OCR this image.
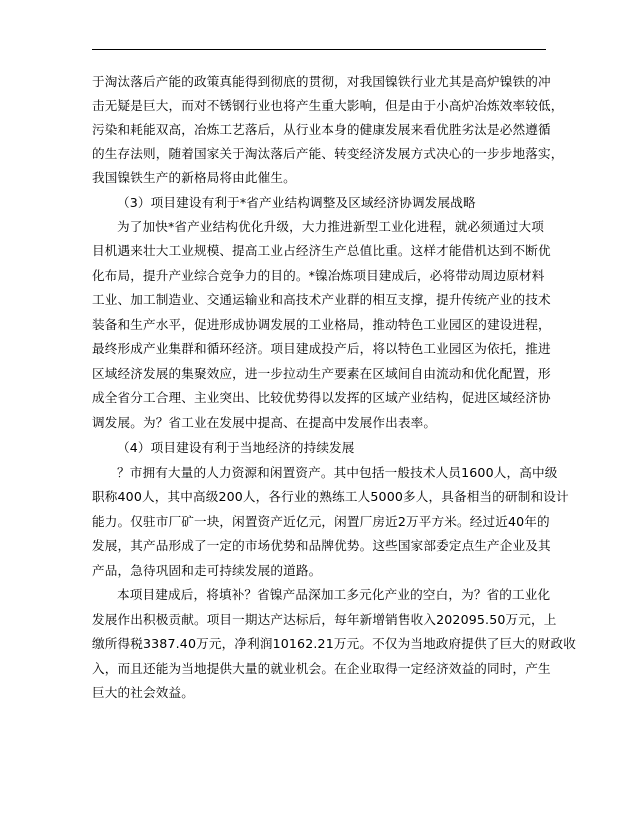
于淘汰落后产能的政策真能得到彻底的贯彻，对我国镍铁行业尤其是高炉镍铁的冲
击无疑是巨大，而对不锈钢行业也将产生重大影响，但是由于小高炉冶炼效率较低，
污染和耗能双高，冶炼工艺落后，从行业本身的健康发展来看优胜劣汰是必然遵循
的生存法则，随着国家关于淘汰落后产能、转变经济发展方式决心的一步步地落实，
我国镍铁生产的新格局将由此催生。
（3）项目建设有利于*省产业结构调整及区域经济协调发展战略
为了加快*省产业结构优化升级，大力推进新型工业化进程，就必须通过大项
目机遇来壮大工业规模、提高工业占经济生产总值比重。这样才能借机达到不断优
化布局，提升产业综合竞争力的目的。*镍冶炼项目建成后，必将带动周边原材料
工业、加工制造业、交通运输业和高技术产业群的相互支撑，提升传统产业的技术
装备和生产水平，促进形成协调发展的工业格局，推动特色工业园区的建设进程，
最终形成产业集群和循环经济。项目建成投产后，将以特色工业园区为依托，推进
区域经济发展的集聚效应，进一步拉动生产要素在区域间自由流动和优化配置，形
成全省分工合理、主业突出、比较优势得以发挥的区域产业结构，促进区域经济协
调发展。为？省工业在发展中提高、在提高中发展作出表率。
（4）项目建设有利于当地经济的持续发展
？市拥有大量的人力资源和闲置资产。其中包括一般技术人员1600人，高中级
职称400人，其中高级200人，各行业的熟练工人5000多人，具备相当的研制和设计
能力。仅驻市厂矿一块，闲置资产近亿元，闲置厂房近2万平方米。经过近40年的
发展，其产品形成了一定的市场优势和品牌优势。这些国家部委定点生产企业及其
产品，急待巩固和走可持续发展的道路。
本项目建成后，将填补？省镍产品深加工多元化产业的空白，为？省的工业化
发展作出积极贡献。项目一期达产达标后，每年新增销售收入202095.50万元，上
缴所得税3387.40万元，净利润10162.21万元。不仅为当地政府提供了巨大的财政收
入，而且还能为当地提供大量的就业机会。在企业取得一定经济效益的同时，产生
巨大的社会效益。
